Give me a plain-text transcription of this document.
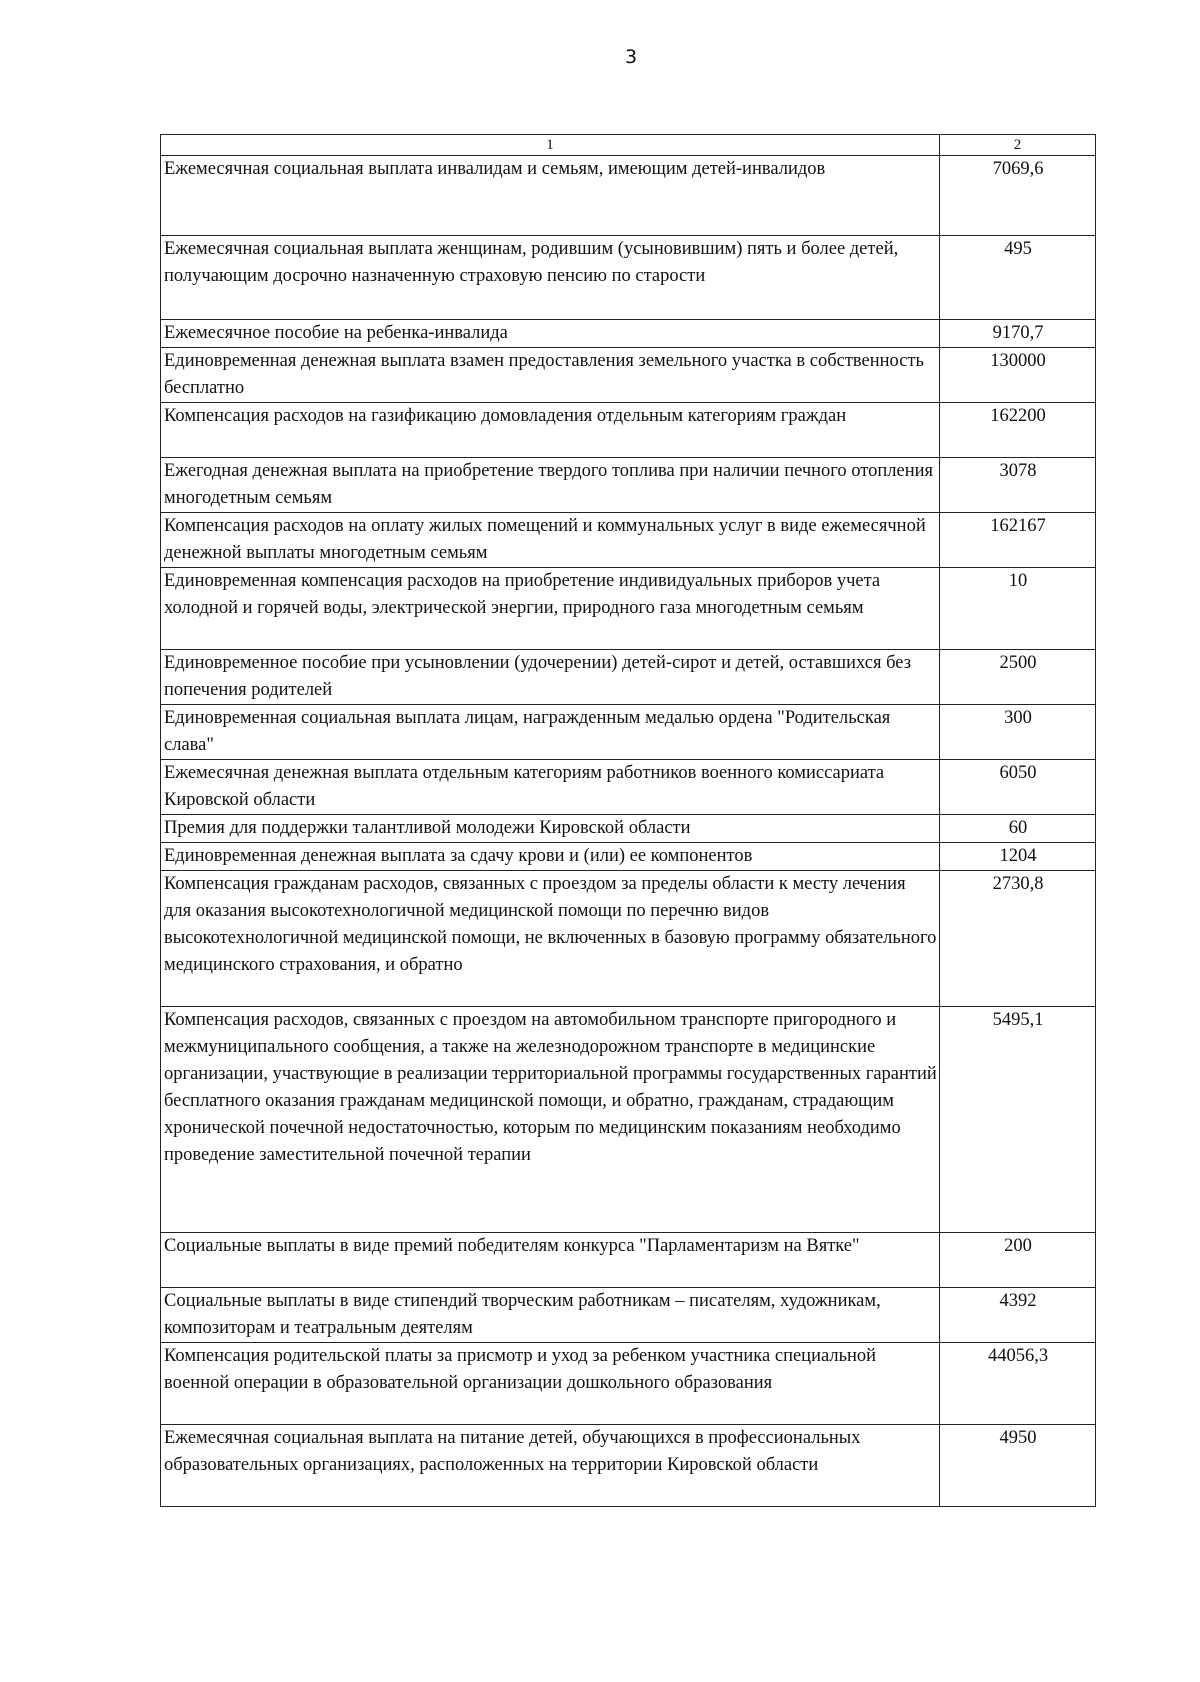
3
1	2
Ежемесячная социальная выплата инвалидам и семьям, имеющим детей-инвалидов	7069,6
Ежемесячная социальная выплата женщинам, родившим (усыновившим) пять и более детей, получающим досрочно назначенную страховую пенсию по старости	495
Ежемесячное пособие на ребенка-инвалида	9170,7
Единовременная денежная выплата взамен предоставления земельного участка в собственность бесплатно	130000
Компенсация расходов на газификацию домовладения отдельным категориям граждан	162200
Ежегодная денежная выплата на приобретение твердого топлива при наличии печного отопления многодетным семьям	3078
Компенсация расходов на оплату жилых помещений и коммунальных услуг в виде ежемесячной денежной выплаты многодетным семьям	162167
Единовременная компенсация расходов на приобретение индивидуальных приборов учета холодной и горячей воды, электрической энергии, природного газа многодетным семьям	10
Единовременное пособие при усыновлении (удочерении) детей-сирот и детей, оставшихся без попечения родителей	2500
Единовременная социальная выплата лицам, награжденным медалью ордена "Родительская слава"	300
Ежемесячная денежная выплата отдельным категориям работников военного комиссариата Кировской области	6050
Премия для поддержки талантливой молодежи Кировской области	60
Единовременная денежная выплата за сдачу крови и (или) ее компонентов	1204
Компенсация гражданам расходов, связанных с проездом за пределы области к месту лечения для оказания высокотехнологичной медицинской помощи по перечню видов высокотехнологичной медицинской помощи, не включенных в базовую программу обязательного медицинского страхования, и обратно	2730,8
Компенсация расходов, связанных с проездом на автомобильном транспорте пригородного и межмуниципального сообщения, а также на железнодорожном транспорте в медицинские организации, участвующие в реализации территориальной программы государственных гарантий бесплатного оказания гражданам медицинской помощи, и обратно, гражданам, страдающим хронической почечной недостаточностью, которым по медицинским показаниям необходимо проведение заместительной почечной терапии	5495,1
Социальные выплаты в виде премий победителям конкурса "Парламентаризм на Вятке"	200
Социальные выплаты в виде стипендий творческим работникам – писателям, художникам, композиторам и театральным деятелям	4392
Компенсация родительской платы за присмотр и уход за ребенком участника специальной военной операции в образовательной организации дошкольного образования	44056,3
Ежемесячная социальная выплата на питание детей, обучающихся в профессиональных образовательных организациях, расположенных на территории Кировской области	4950
